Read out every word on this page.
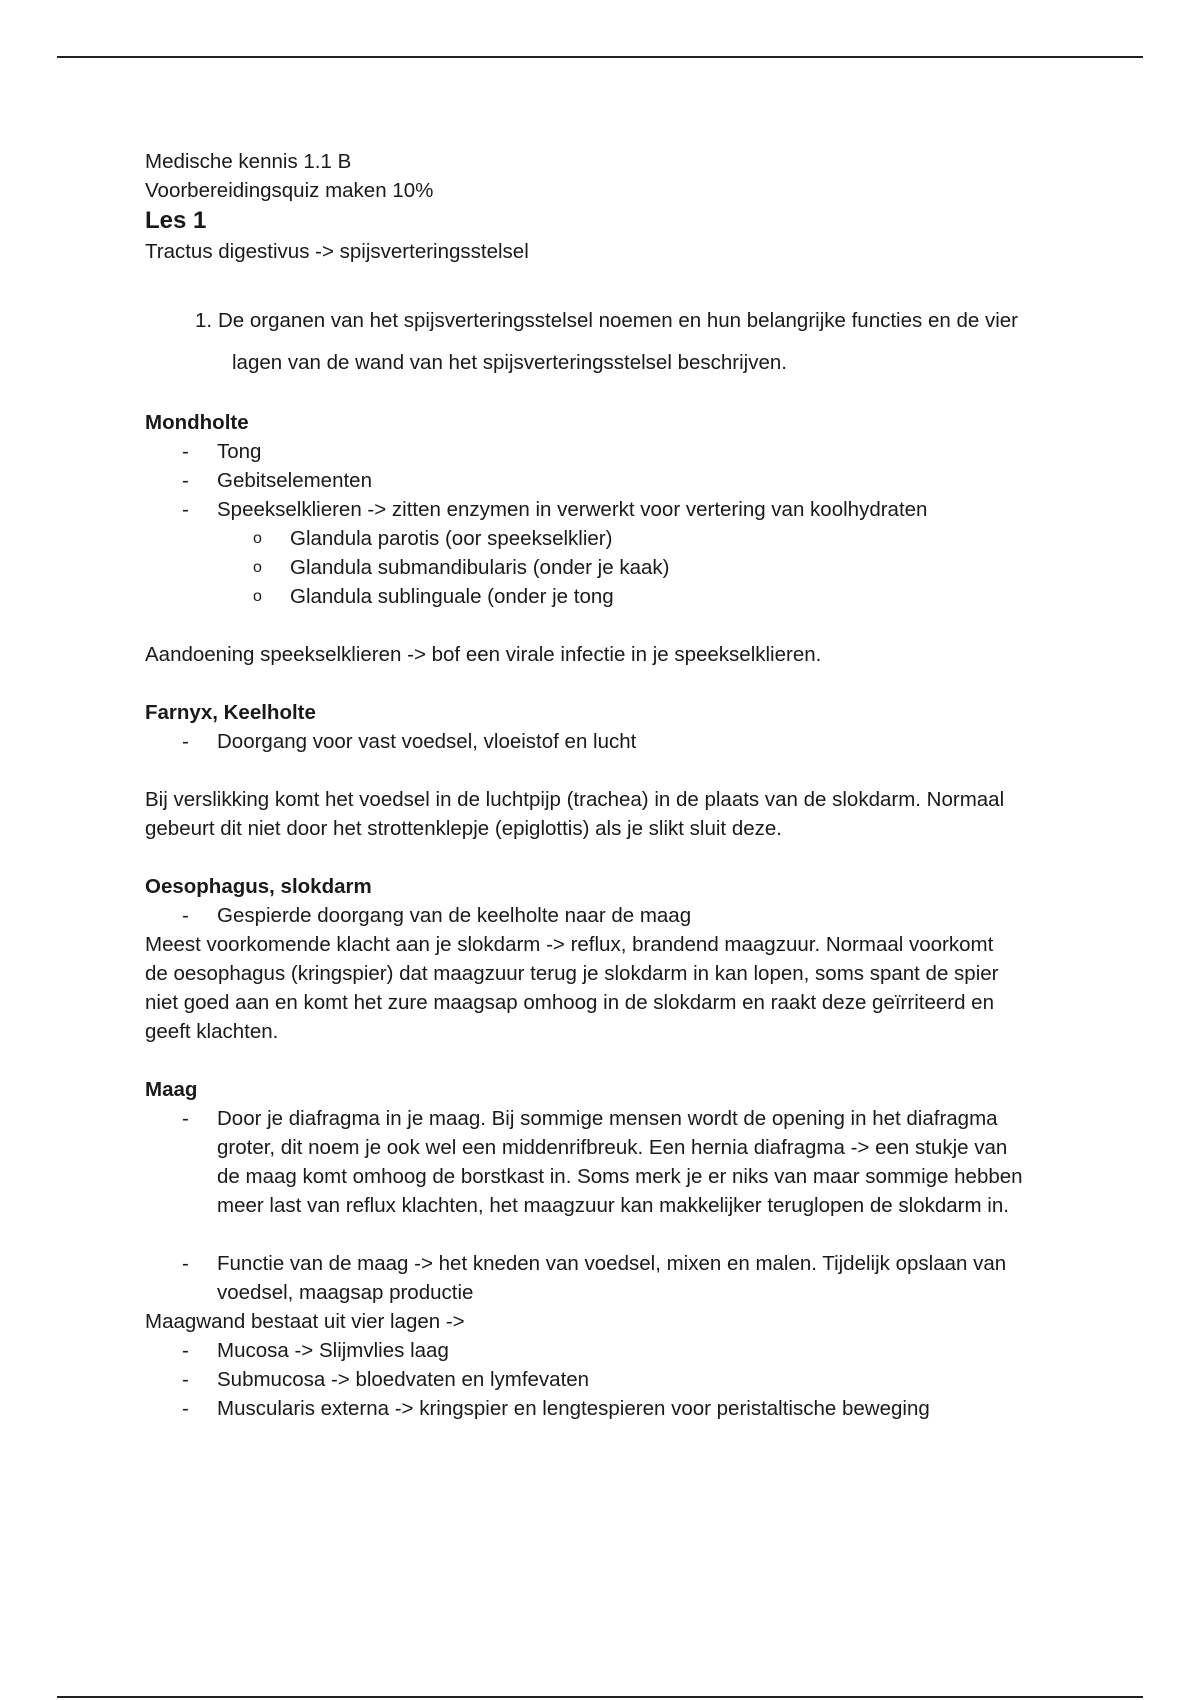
Medische kennis 1.1 B

Voorbereidingsquiz maken 10%

Les 1

Tractus digestivus -> spijsverteringsstelsel

1. De organen van het spijsverteringsstelsel noemen en hun belangrijke functies en de vier
lagen van de wand van het spijsverteringsstelsel beschrijven.

Mondholte

- Tong
- Gebitselementen
- Speekselklieren -> zitten enzymen in verwerkt voor vertering van koolhydraten
o Glandula parotis (oor speekselklier)
o Glandula submandibularis (onder je kaak)
o Glandula sublinguale (onder je tong

Aandoening speekselklieren -> bof een virale infectie in je speekselklieren.

Farnyx, Keelholte

- Doorgang voor vast voedsel, vloeistof en lucht

Bij verslikking komt het voedsel in de luchtpijp (trachea) in de plaats van de slokdarm. Normaal

gebeurt dit niet door het strottenklepje (epiglottis) als je slikt sluit deze.

Oesophagus, slokdarm

- Gespierde doorgang van de keelholte naar de maag

Meest voorkomende klacht aan je slokdarm -> reflux, brandend maagzuur. Normaal voorkomt

de oesophagus (kringspier) dat maagzuur terug je slokdarm in kan lopen, soms spant de spier

niet goed aan en komt het zure maagsap omhoog in de slokdarm en raakt deze geïrriteerd en

geeft klachten.

Maag

- Door je diafragma in je maag. Bij sommige mensen wordt de opening in het diafragma
groter, dit noem je ook wel een middenrifbreuk. Een hernia diafragma -> een stukje van
de maag komt omhoog de borstkast in. Soms merk je er niks van maar sommige hebben
meer last van reflux klachten, het maagzuur kan makkelijker teruglopen de slokdarm in.
- Functie van de maag -> het kneden van voedsel, mixen en malen. Tijdelijk opslaan van
voedsel, maagsap productie

Maagwand bestaat uit vier lagen ->

- Mucosa -> Slijmvlies laag
- Submucosa -> bloedvaten en lymfevaten
- Muscularis externa -> kringspier en lengtespieren voor peristaltische beweging
